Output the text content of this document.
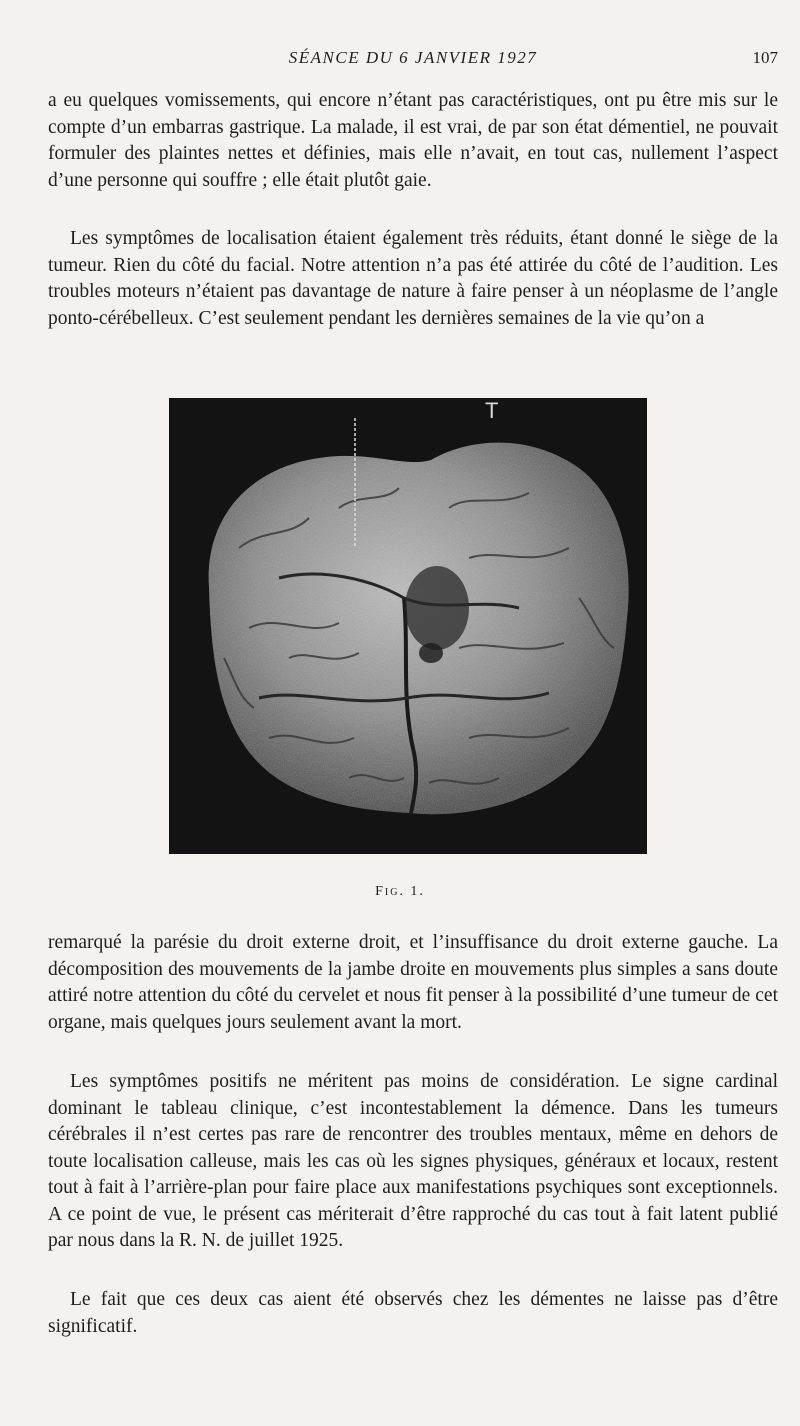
SÉANCE DU 6 JANVIER 1927	107

a eu quelques vomissements, qui encore n’étant pas caractéristiques, ont pu être mis sur le compte d’un embarras gastrique. La malade, il est vrai, de par son état démentiel, ne pouvait formuler des plaintes nettes et définies, mais elle n’avait, en tout cas, nullement l’aspect d’une personne qui souffre ; elle était plutôt gaie.

Les symptômes de localisation étaient également très réduits, étant donné le siège de la tumeur. Rien du côté du facial. Notre attention n’a pas été attirée du côté de l’audition. Les troubles moteurs n’étaient pas davantage de nature à faire penser à un néoplasme de l’angle ponto-cérébelleux. C’est seulement pendant les dernières semaines de la vie qu’on a

T
Fig. 1.

remarqué la parésie du droit externe droit, et l’insuffisance du droit externe gauche. La décomposition des mouvements de la jambe droite en mouvements plus simples a sans doute attiré notre attention du côté du cervelet et nous fit penser à la possibilité d’une tumeur de cet organe, mais quelques jours seulement avant la mort.

Les symptômes positifs ne méritent pas moins de considération. Le signe cardinal dominant le tableau clinique, c’est incontestablement la démence. Dans les tumeurs cérébrales il n’est certes pas rare de rencontrer des troubles mentaux, même en dehors de toute localisation calleuse, mais les cas où les signes physiques, généraux et locaux, restent tout à fait à l’arrière-plan pour faire place aux manifestations psychiques sont exceptionnels. A ce point de vue, le présent cas mériterait d’être rapproché du cas tout à fait latent publié par nous dans la R. N. de juillet 1925.

Le fait que ces deux cas aient été observés chez les démentes ne laisse pas d’être significatif.
